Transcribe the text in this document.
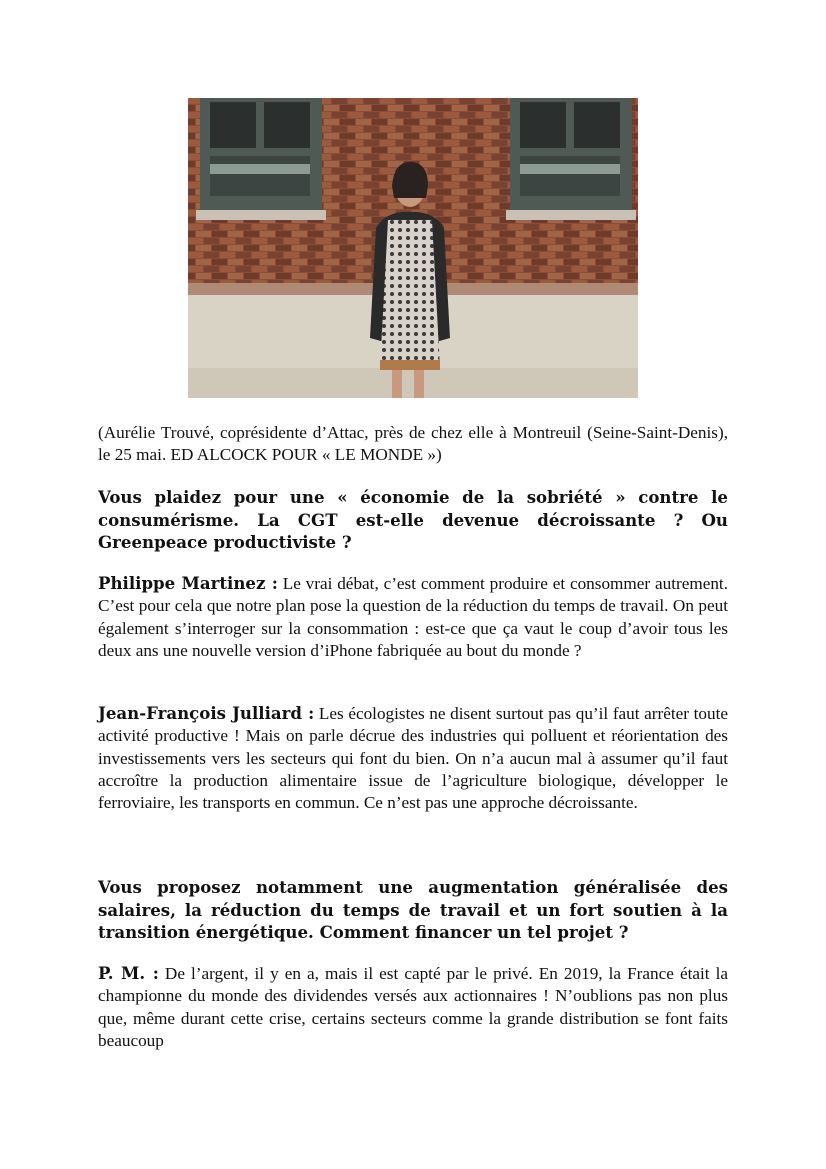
(Aurélie Trouvé, coprésidente d’Attac, près de chez elle à Montreuil (Seine-Saint-Denis), le 25 mai. ED ALCOCK POUR « LE MONDE »)
Vous plaidez pour une « économie de la sobriété » contre le consumérisme. La CGT est-elle devenue décroissante ? Ou Greenpeace productiviste ?
Philippe Martinez : Le vrai débat, c’est comment produire et consommer autrement. C’est pour cela que notre plan pose la question de la réduction du temps de travail. On peut également s’interroger sur la consommation : est-ce que ça vaut le coup d’avoir tous les deux ans une nouvelle version d’iPhone fabriquée au bout du monde ?
Jean-François Julliard : Les écologistes ne disent surtout pas qu’il faut arrêter toute activité productive ! Mais on parle décrue des industries qui polluent et réorientation des investissements vers les secteurs qui font du bien. On n’a aucun mal à assumer qu’il faut accroître la production alimentaire issue de l’agriculture biologique, développer le ferroviaire, les transports en commun. Ce n’est pas une approche décroissante.
Vous proposez notamment une augmentation généralisée des salaires, la réduction du temps de travail et un fort soutien à la transition énergétique. Comment financer un tel projet ?
P. M. : De l’argent, il y en a, mais il est capté par le privé. En 2019, la France était la championne du monde des dividendes versés aux actionnaires ! N’oublions pas non plus que, même durant cette crise, certains secteurs comme la grande distribution se font faits beaucoup
